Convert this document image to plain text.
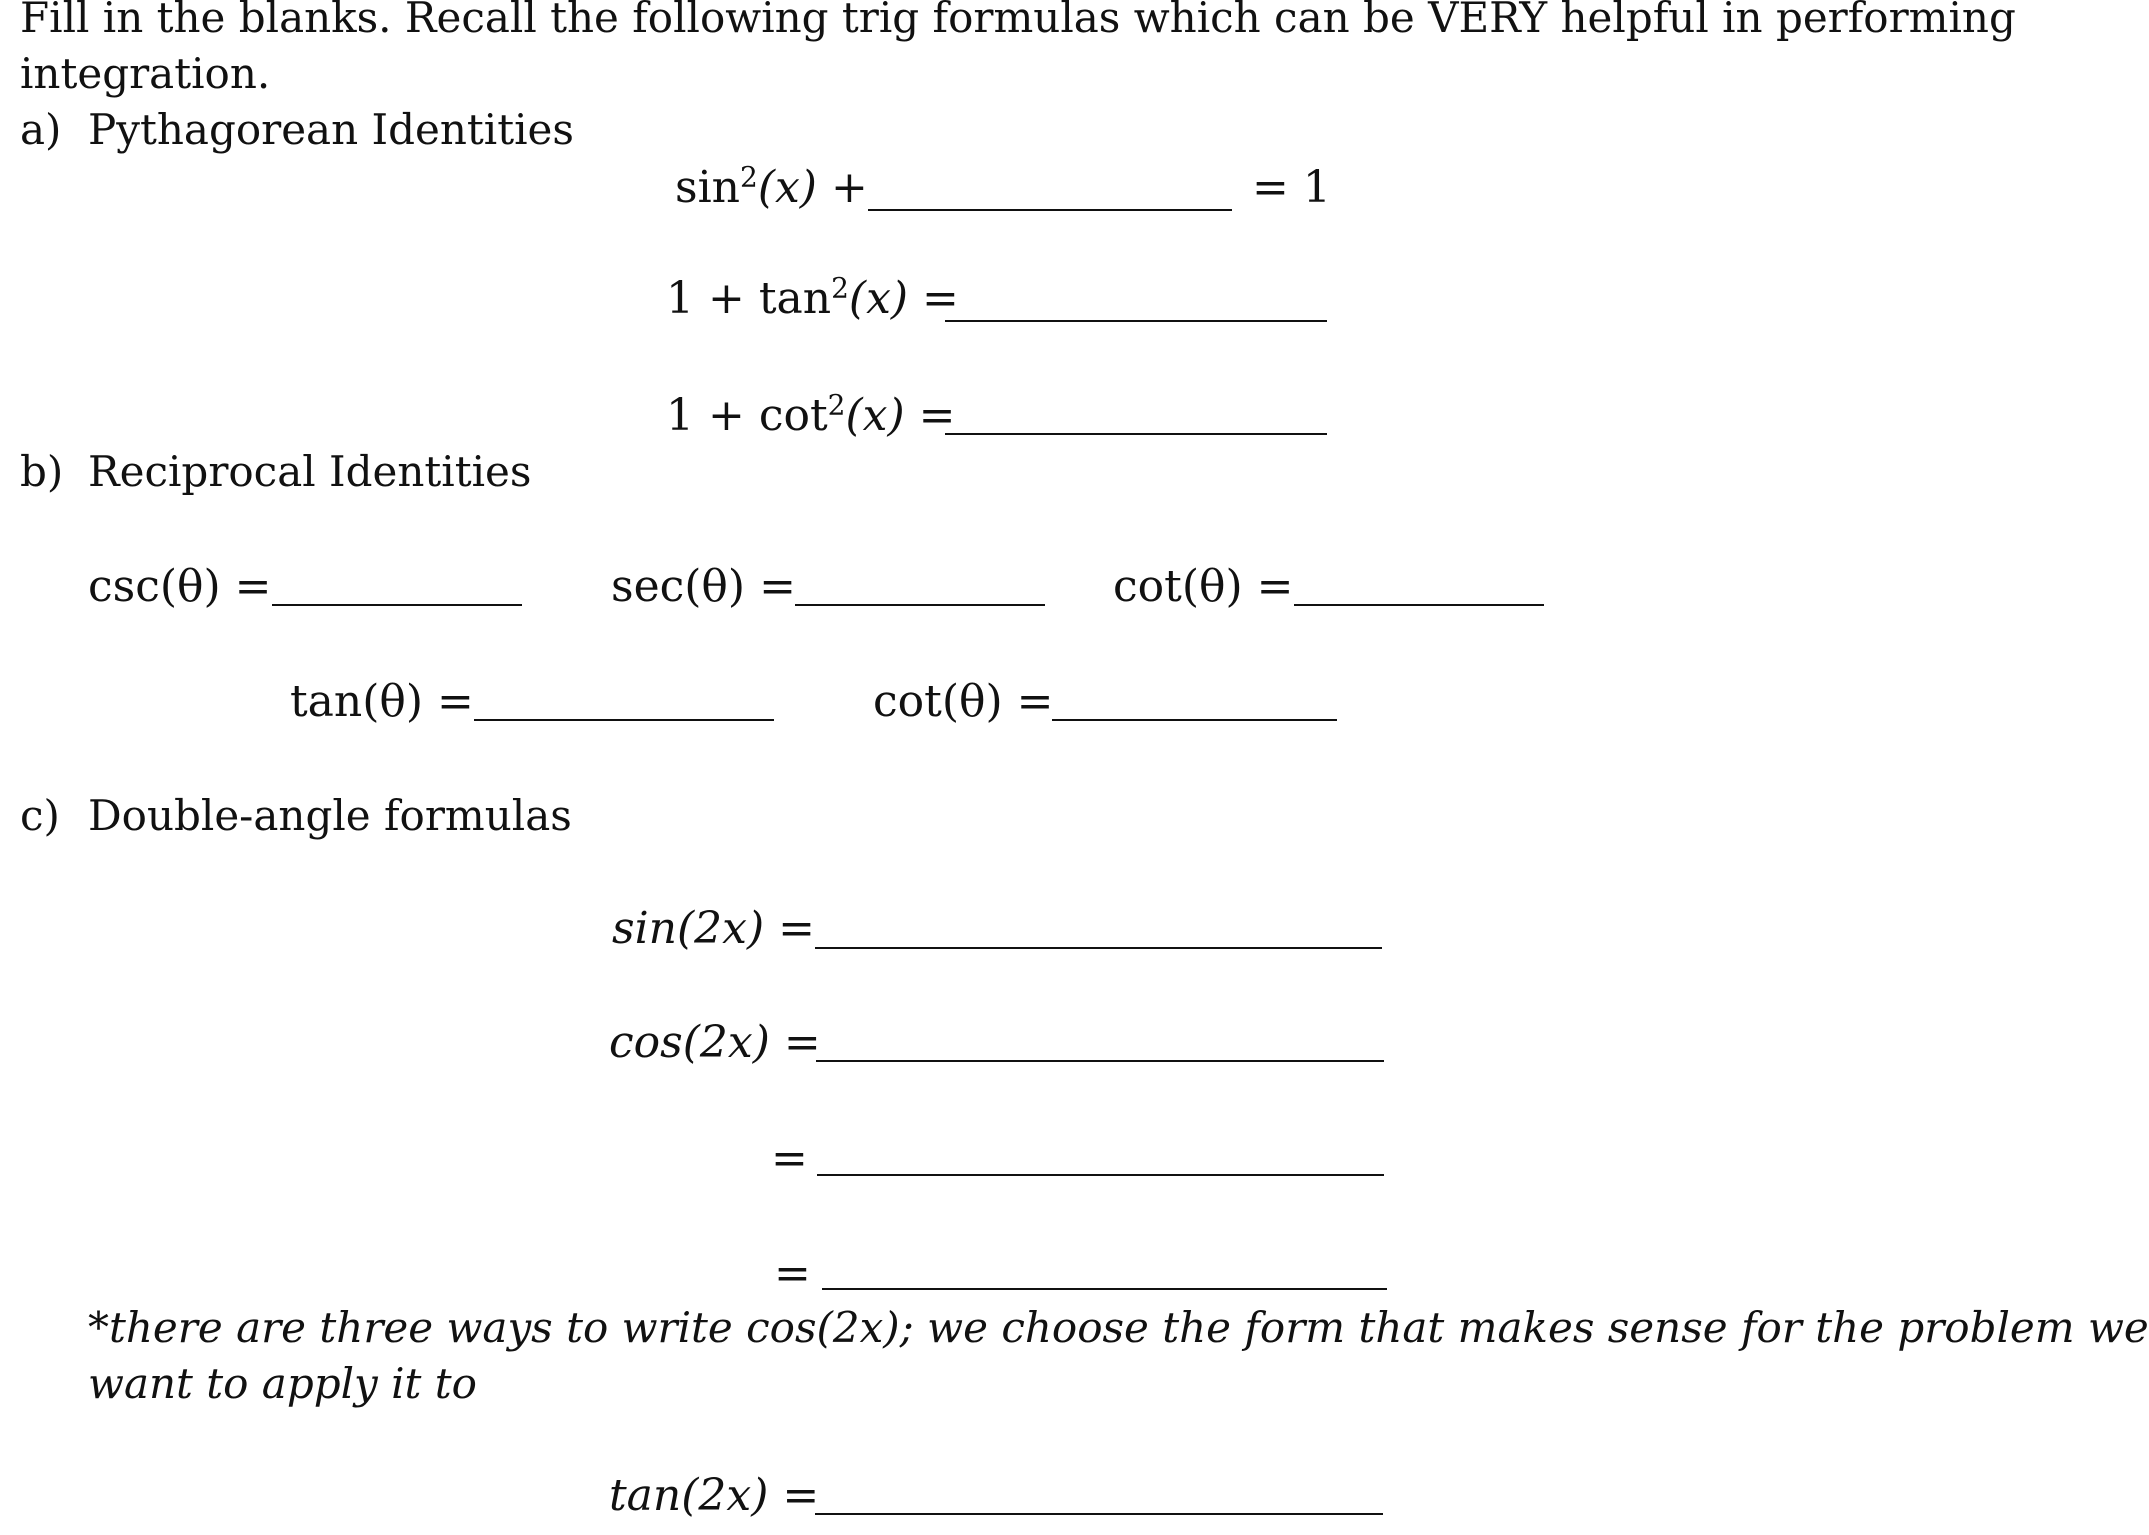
Fill in the blanks. Recall the following trig formulas which can be VERY helpful in performing
integration.
a) Pythagorean Identities
$\sin^2(x)$ +	= 1
$1 + \tan^2(x)$ =
$1 + \cot^2(x)$ =
b) Reciprocal Identities
csc(θ) =	sec(θ) =	cot(θ) =
tan(θ) =	cot(θ) =
c) Double-angle formulas
sin(2x) =
cos(2x) =
=
=
*there are three ways to write cos(2x); we choose the form that makes sense for the problem we
want to apply it to
tan(2x) =
